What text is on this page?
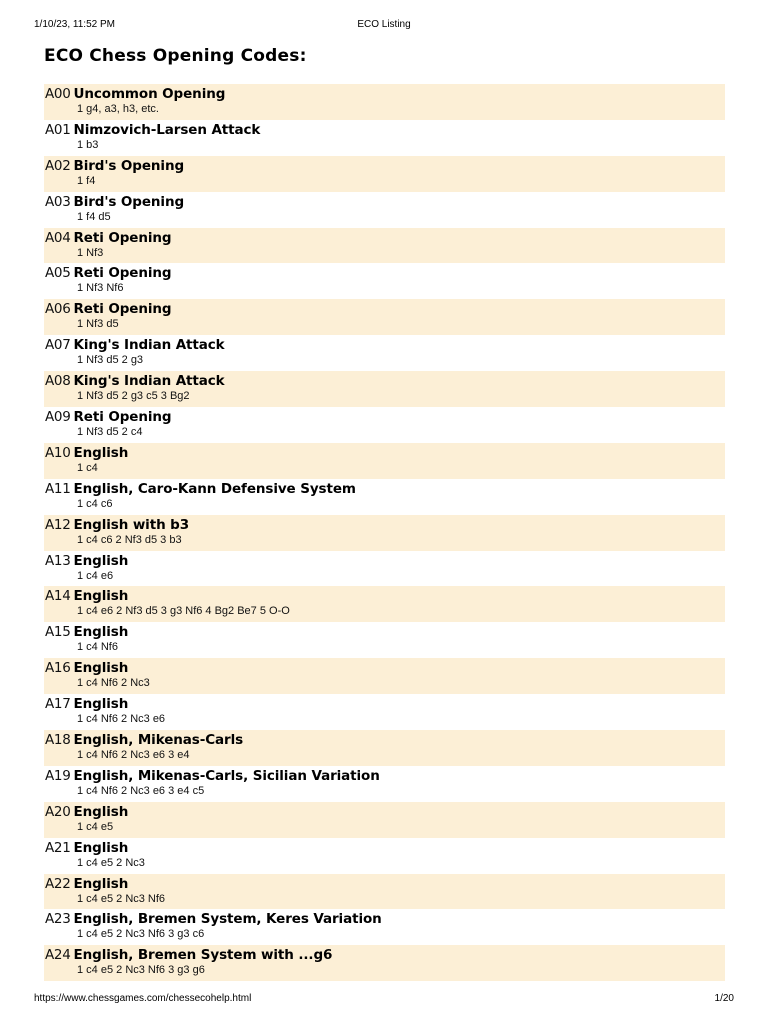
1/10/23, 11:52 PM	ECO Listing
ECO Chess Opening Codes:
A00 Uncommon Opening
1 g4, a3, h3, etc.
A01 Nimzovich-Larsen Attack
1 b3
A02 Bird's Opening
1 f4
A03 Bird's Opening
1 f4 d5
A04 Reti Opening
1 Nf3
A05 Reti Opening
1 Nf3 Nf6
A06 Reti Opening
1 Nf3 d5
A07 King's Indian Attack
1 Nf3 d5 2 g3
A08 King's Indian Attack
1 Nf3 d5 2 g3 c5 3 Bg2
A09 Reti Opening
1 Nf3 d5 2 c4
A10 English
1 c4
A11 English, Caro-Kann Defensive System
1 c4 c6
A12 English with b3
1 c4 c6 2 Nf3 d5 3 b3
A13 English
1 c4 e6
A14 English
1 c4 e6 2 Nf3 d5 3 g3 Nf6 4 Bg2 Be7 5 O-O
A15 English
1 c4 Nf6
A16 English
1 c4 Nf6 2 Nc3
A17 English
1 c4 Nf6 2 Nc3 e6
A18 English, Mikenas-Carls
1 c4 Nf6 2 Nc3 e6 3 e4
A19 English, Mikenas-Carls, Sicilian Variation
1 c4 Nf6 2 Nc3 e6 3 e4 c5
A20 English
1 c4 e5
A21 English
1 c4 e5 2 Nc3
A22 English
1 c4 e5 2 Nc3 Nf6
A23 English, Bremen System, Keres Variation
1 c4 e5 2 Nc3 Nf6 3 g3 c6
A24 English, Bremen System with ...g6
1 c4 e5 2 Nc3 Nf6 3 g3 g6
https://www.chessgames.com/chessecohelp.html	1/20
